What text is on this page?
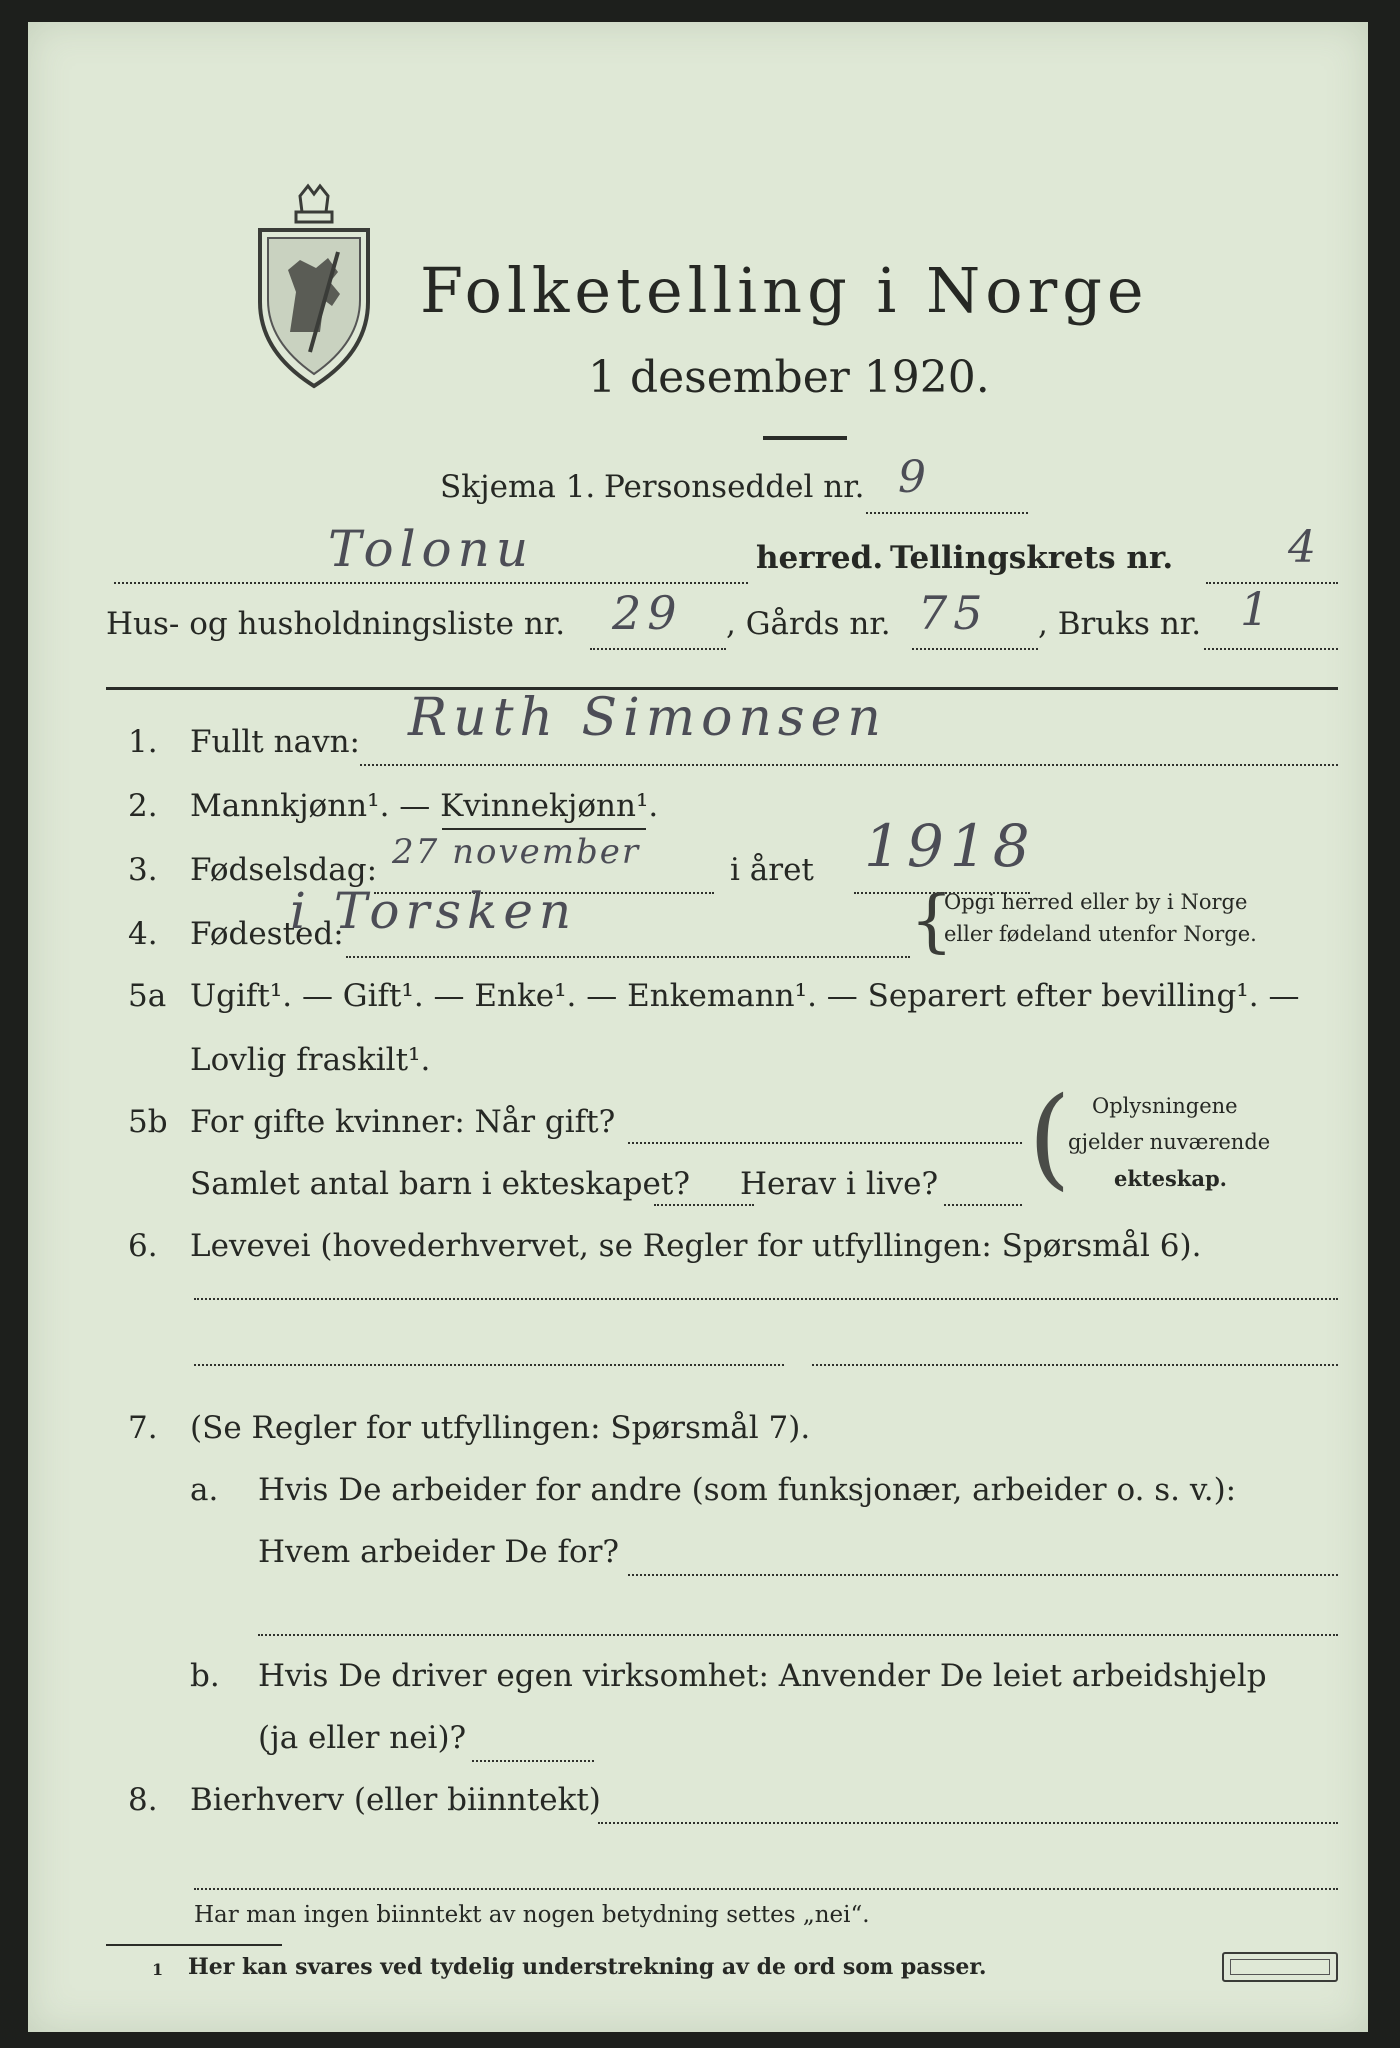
Folketelling i Norge
1 desember 1920.
Skjema 1. Personseddel nr. 9
Tolonu	herred. Tellingskrets nr.	4
Hus- og husholdningsliste nr. 29 , Gårds nr. 75 , Bruks nr. 1
1. Fullt navn: Ruth Simonsen
2. Mannkjønn¹. — Kvinnekjønn¹.
3. Fødselsdag: 27 november	i året 1918
4. Fødested:
i Torsken	{
Opgi herred eller by i Norge
eller fødeland utenfor Norge.
5a Ugift¹. — Gift¹. — Enke¹. — Enkemann¹. — Separert efter bevilling¹. —
Lovlig fraskilt¹.
5b For gifte kvinner: Når gift?
Samlet antal barn i ekteskapet? Herav i live? ( Oplysningene
gjelder nuværende
ekteskap.
6. Levevei (hovederhvervet, se Regler for utfyllingen: Spørsmål 6).
7. (Se Regler for utfyllingen: Spørsmål 7).
a. Hvis De arbeider for andre (som funksjonær, arbeider o. s. v.):
Hvem arbeider De for?
b. Hvis De driver egen virksomhet: Anvender De leiet arbeidshjelp
(ja eller nei)?
8. Bierhverv (eller biinntekt)
Har man ingen biinntekt av nogen betydning settes „nei“.
1 Her kan svares ved tydelig understrekning av de ord som passer.
